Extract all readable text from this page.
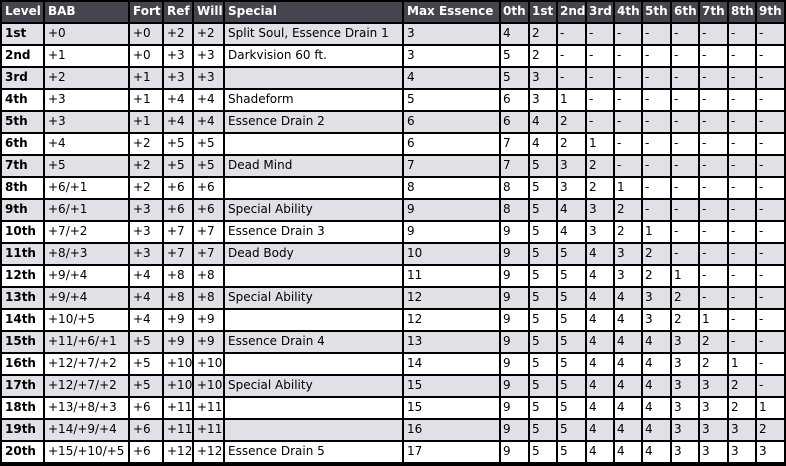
Level	BAB	Fort	Ref	Will	Special	Max Essence	0th	1st	2nd	3rd	4th	5th	6th	7th	8th	9th
1st	+0	+0	+2	+2	Split Soul, Essence Drain 1	3	4	2	-	-	-	-	-	-	-	-
2nd	+1	+0	+3	+3	Darkvision 60 ft.	3	5	2	-	-	-	-	-	-	-	-
3rd	+2	+1	+3	+3		4	5	3	-	-	-	-	-	-	-	-
4th	+3	+1	+4	+4	Shadeform	5	6	3	1	-	-	-	-	-	-	-
5th	+3	+1	+4	+4	Essence Drain 2	6	6	4	2	-	-	-	-	-	-	-
6th	+4	+2	+5	+5		6	7	4	2	1	-	-	-	-	-	-
7th	+5	+2	+5	+5	Dead Mind	7	7	5	3	2	-	-	-	-	-	-
8th	+6/+1	+2	+6	+6		8	8	5	3	2	1	-	-	-	-	-
9th	+6/+1	+3	+6	+6	Special Ability	9	8	5	4	3	2	-	-	-	-	-
10th	+7/+2	+3	+7	+7	Essence Drain 3	9	9	5	4	3	2	1	-	-	-	-
11th	+8/+3	+3	+7	+7	Dead Body	10	9	5	5	4	3	2	-	-	-	-
12th	+9/+4	+4	+8	+8		11	9	5	5	4	3	2	1	-	-	-
13th	+9/+4	+4	+8	+8	Special Ability	12	9	5	5	4	4	3	2	-	-	-
14th	+10/+5	+4	+9	+9		12	9	5	5	4	4	3	2	1	-	-
15th	+11/+6/+1	+5	+9	+9	Essence Drain 4	13	9	5	5	4	4	4	3	2	-	-
16th	+12/+7/+2	+5	+10	+10		14	9	5	5	4	4	4	3	2	1	-
17th	+12/+7/+2	+5	+10	+10	Special Ability	15	9	5	5	4	4	4	3	3	2	-
18th	+13/+8/+3	+6	+11	+11		15	9	5	5	4	4	4	3	3	2	1
19th	+14/+9/+4	+6	+11	+11		16	9	5	5	4	4	4	3	3	3	2
20th	+15/+10/+5	+6	+12	+12	Essence Drain 5	17	9	5	5	4	4	4	3	3	3	3
